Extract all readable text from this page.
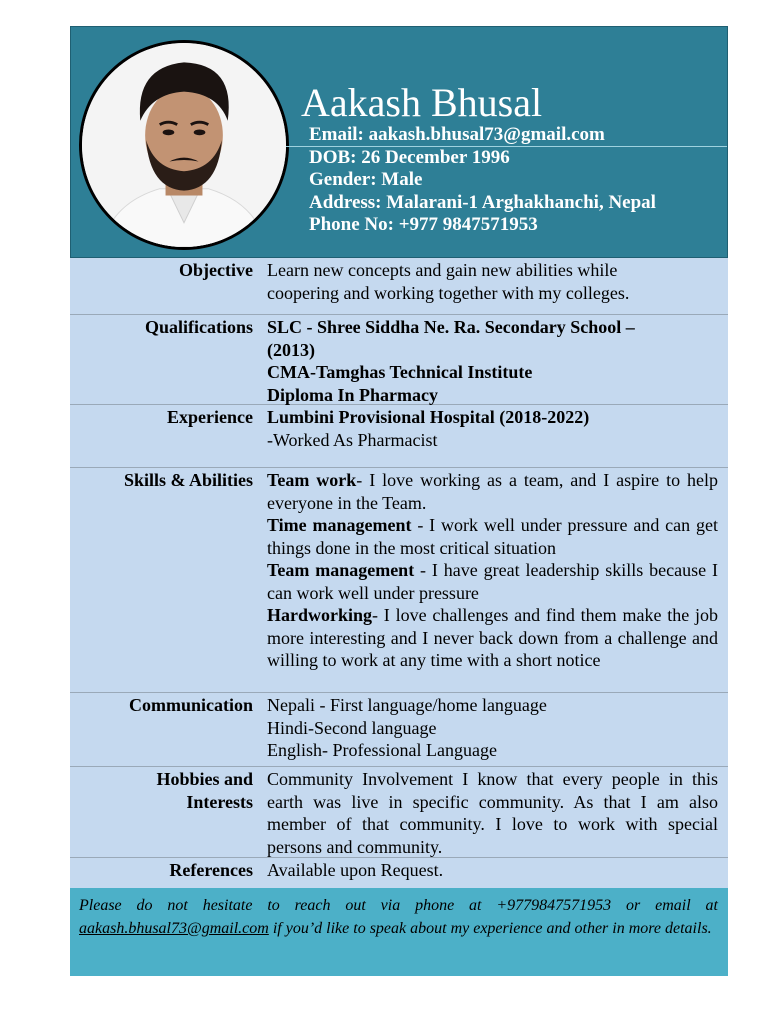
Aakash Bhusal
Email: aakash.bhusal73@gmail.com
DOB: 26 December 1996
Gender: Male
Address: Malarani-1 Arghakhanchi, Nepal
Phone No: +977 9847571953
Objective Learn new concepts and gain new abilities while
coopering and working together with my colleges.
Qualifications SLC - Shree Siddha Ne. Ra. Secondary School –
(2013)
CMA-Tamghas Technical Institute
Diploma In Pharmacy
Experience Lumbini Provisional Hospital (2018-2022)
-Worked As Pharmacist
Skills & Abilities Team work- I love working as a team, and I aspire to help everyone in the Team.
Time management - I work well under pressure and can get things done in the most critical situation
Team management - I have great leadership skills because I can work well under pressure
Hardworking- I love challenges and find them make the job more interesting and I never back down from a challenge and willing to work at any time with a short notice
Communication Nepali - First language/home language
Hindi-Second language
English- Professional Language
Hobbies and
Interests
Community Involvement I know that every people in this earth was live in specific community. As that I am also member of that community. I love to work with special persons and community.
References Available upon Request.
Please do not hesitate to reach out via phone at +9779847571953 or email at aakash.bhusal73@gmail.com if you’d like to speak about my experience and other in more details.
